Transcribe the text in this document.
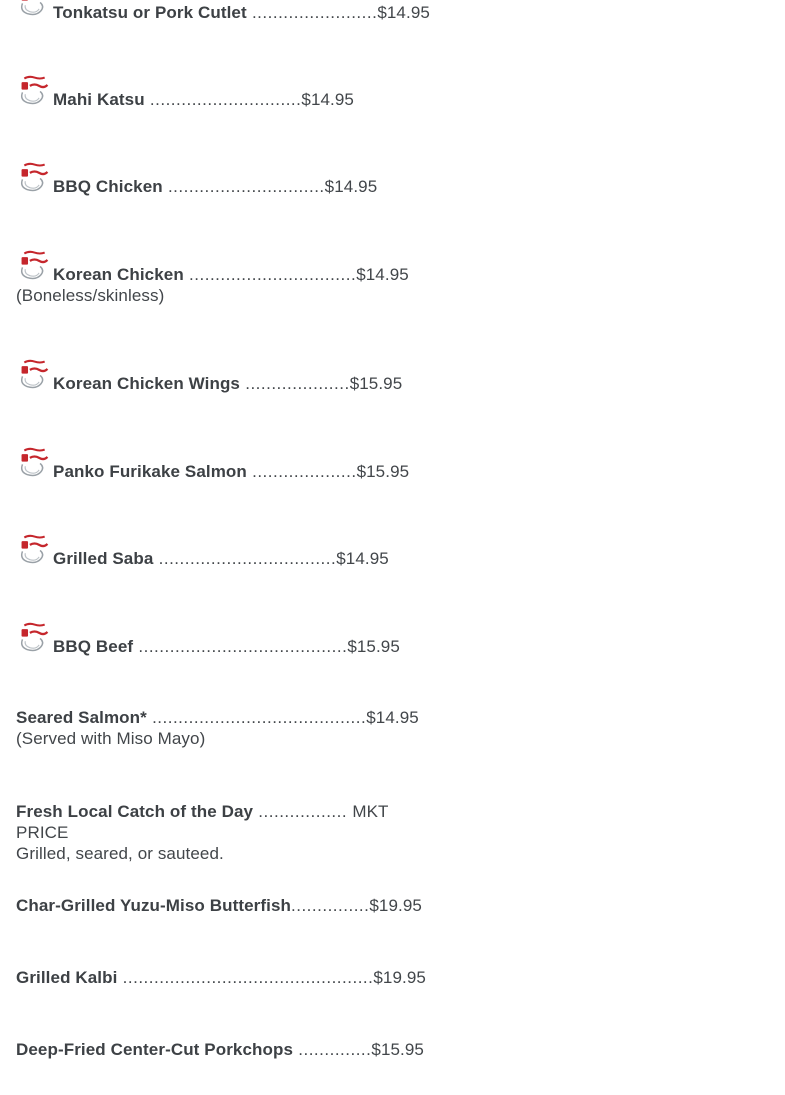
Tonkatsu or Pork Cutlet ........................$14.95
Mahi Katsu .............................$14.95
BBQ Chicken ..............................$14.95
Korean Chicken ................................$14.95
(Boneless/skinless)
Korean Chicken Wings ....................$15.95
Panko Furikake Salmon ....................$15.95
Grilled Saba ..................................$14.95
BBQ Beef ........................................$15.95
Seared Salmon* .........................................$14.95
(Served with Miso Mayo)
Fresh Local Catch of the Day ................. MKT PRICE
Grilled, seared, or sauteed.
Char-Grilled Yuzu-Miso Butterfish...............$19.95
Grilled Kalbi ................................................$19.95
Deep-Fried Center-Cut Porkchops ..............$15.95
